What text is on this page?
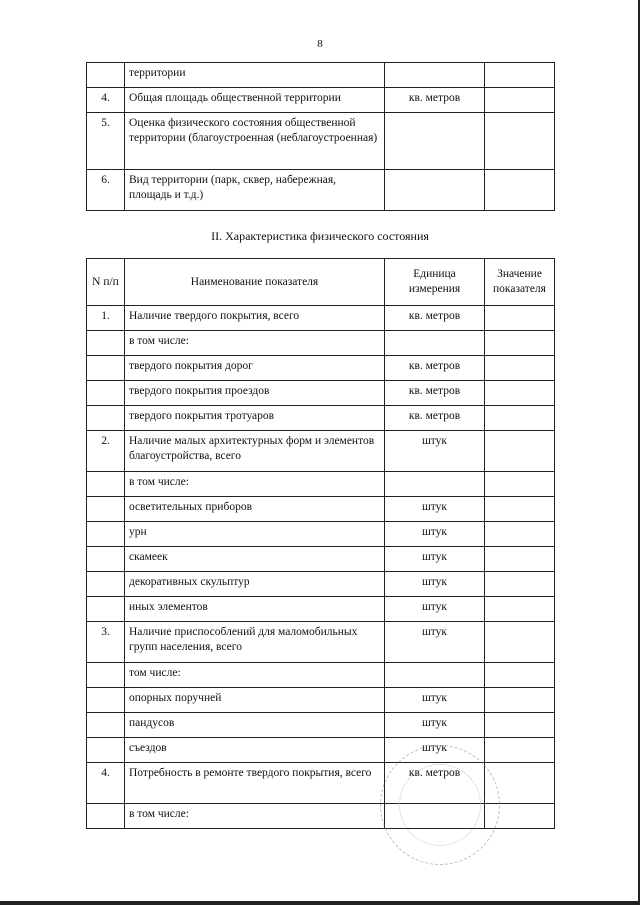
8
	территории		
4.	Общая площадь общественной территории	кв. метров	
5.	Оценка физического состояния общественной территории (благоустроенная (неблагоустроенная)		
6.	Вид территории (парк, сквер, набережная, площадь и т.д.)		
II. Характеристика физического состояния
N п/п	Наименование показателя	Единица измерения	Значение показателя
1.	Наличие твердого покрытия, всего	кв. метров	
	в том числе:		
	твердого покрытия дорог	кв. метров	
	твердого покрытия проездов	кв. метров	
	твердого покрытия тротуаров	кв. метров	
2.	Наличие малых архитектурных форм и элементов благоустройства, всего	штук	
	в том числе:		
	осветительных приборов	штук	
	урн	штук	
	скамеек	штук	
	декоративных скульптур	штук	
	иных элементов	штук	
3.	Наличие приспособлений для маломобильных групп населения, всего	штук	
	том числе:		
	опорных поручней	штук	
	пандусов	штук	
	съездов	штук	
4.	Потребность в ремонте твердого покрытия, всего	кв. метров	
	в том числе:		
